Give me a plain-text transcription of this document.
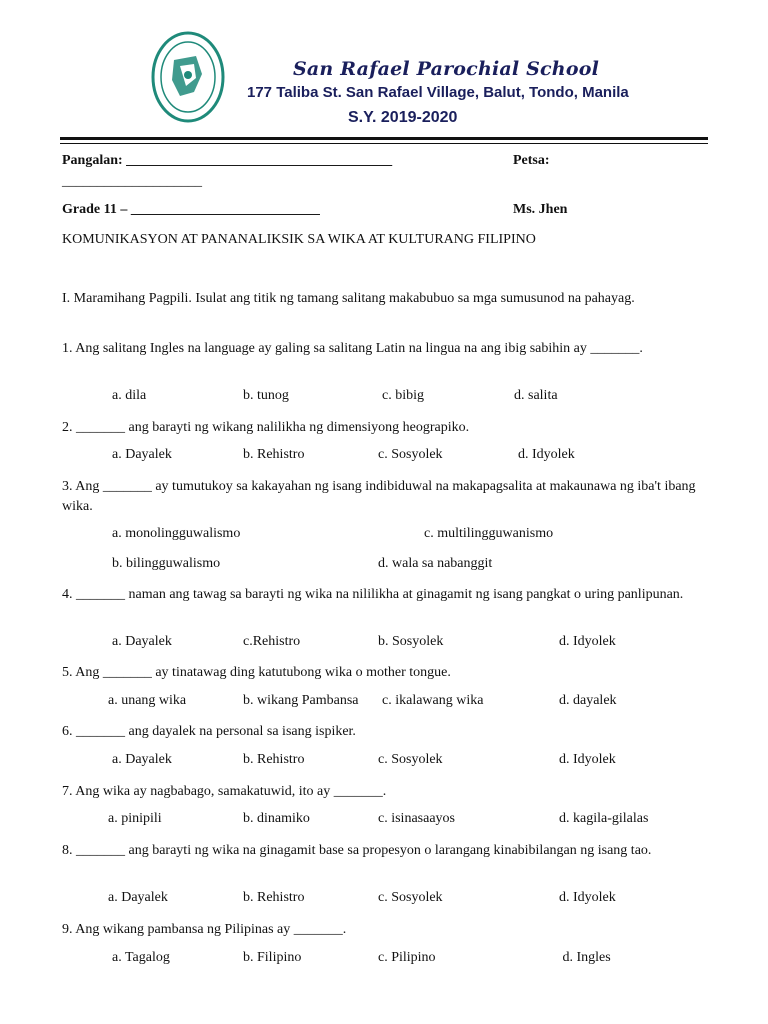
San Rafael Parochial School
177 Taliba St. San Rafael Village, Balut, Tondo, Manila
S.Y. 2019-2020
Pangalan: ______________________________________	Petsa:
____________________
Grade 11 – ___________________________	Ms. Jhen
KOMUNIKASYON AT PANANALIKSIK SA WIKA AT KULTURANG FILIPINO
I. Maramihang Pagpili. Isulat ang titik ng tamang salitang makabubuo sa mga sumusunod na pahayag.
1. Ang salitang Ingles na language ay galing sa salitang Latin na lingua na ang ibig sabihin ay _______.
a. dila	b. tunog	c. bibig	d. salita
2. _______ ang barayti ng wikang nalilikha ng dimensiyong heograpiko.
a. Dayalek	b. Rehistro	c. Sosyolek	d. Idyolek
3. Ang _______ ay tumutukoy sa kakayahan ng isang indibiduwal na makapagsalita at makaunawa ng iba't ibang wika.
a. monolingguwalismo	c. multilingguwanismo
b. bilingguwalismo	d. wala sa nabanggit
4. _______ naman ang tawag sa barayti ng wika na nililikha at ginagamit ng isang pangkat o uring panlipunan.
a. Dayalek	c.Rehistro	b. Sosyolek	d. Idyolek
5. Ang _______ ay tinatawag ding katutubong wika o mother tongue.
a. unang wika	b. wikang Pambansa c. ikalawang wika	d. dayalek
6. _______ ang dayalek na personal sa isang ispiker.
a. Dayalek	b. Rehistro	c. Sosyolek	d. Idyolek
7. Ang wika ay nagbabago, samakatuwid, ito ay _______.
a. pinipili	b. dinamiko	c. isinasaayos	d. kagila-gilalas
8. _______ ang barayti ng wika na ginagamit base sa propesyon o larangang kinabibilangan ng isang tao.
a. Dayalek	b. Rehistro	c. Sosyolek	d. Idyolek
9. Ang wikang pambansa ng Pilipinas ay _______.
a. Tagalog	b. Filipino	c. Pilipino	d. Ingles
